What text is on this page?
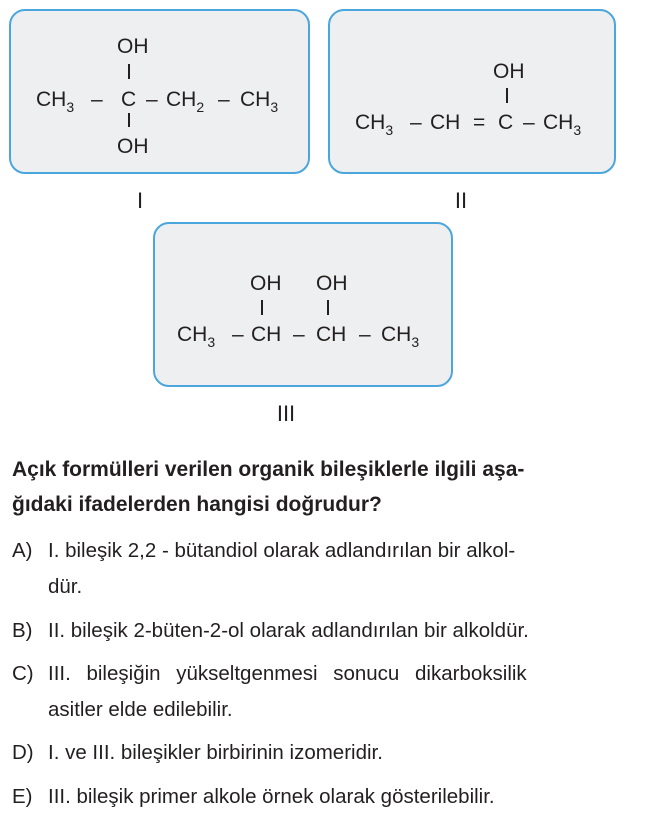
OH
$CH_3$ – C – $CH_2 - CH_3$
OH
I
OH
$CH_3$ – CH = C – $CH_3$
II
OH OH
$CH_3$ – CH – CH – $CH_3$
III
Açık formülleri verilen organik bileşiklerle ilgili aşa-
ğıdaki ifadelerden hangisi doğrudur?
A) I. bileşik 2,2 - bütandiol olarak adlandırılan bir alkol-
dür.
B) II. bileşik 2-büten-2-ol olarak adlandırılan bir alkoldür.
C) III. bileşiğin yükseltgenmesi sonucu dikarboksilik
asitler elde edilebilir.
D) I. ve III. bileşikler birbirinin izomeridir.
E) III. bileşik primer alkole örnek olarak gösterilebilir.
